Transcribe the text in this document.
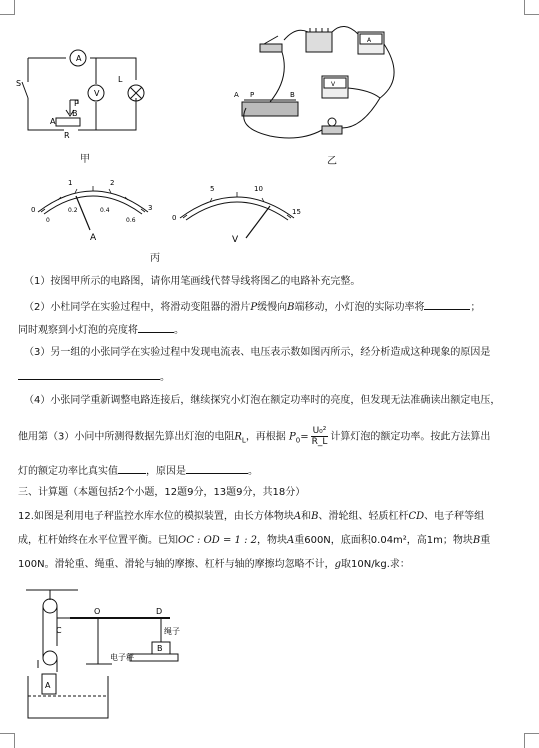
A
S
V
L
P
A
B
R
甲
A
V
A P	B
乙
0
1	2
3
0
0.2	0.4
0.6
A
0
5	10
15
V
丙
（1）按图甲所示的电路图，请你用笔画线代替导线将图乙的电路补充完整。
（2）小杜同学在实验过程中，将滑动变阻器的滑片P缓慢向B端移动，小灯泡的实际功率将	；
同时观察到小灯泡的亮度将	。
（3）另一组的小张同学在实验过程中发现电流表、电压表示数如图丙所示，经分析造成这种现象的原因是
。
（4）小张同学重新调整电路连接后，继续探究小灯泡在额定功率时的亮度，但发现无法准确读出额定电压，
他用第（3）小问中所测得数据先算出灯泡的电阻$R_L$，再根据 $P_0= \frac{\text{U₀²}}{R\_L}$ 计算灯泡的额定功率。按此方法算出
灯的额定功率比真实值	，原因是	。
三、计算题（本题包括2个小题，12题9分，13题9分，共18分）
12.如图是利用电子秤监控水库水位的模拟装置，由长方体物块A和B、滑轮组、轻质杠杆CD、电子秤等组
成，杠杆始终在水平位置平衡。已知OC : OD = 1 : 2，物块A重600N，底面积0.04m²，高1m；物块B重
100N。滑轮重、绳重、滑轮与轴的摩擦、杠杆与轴的摩擦均忽略不计，g取10N/kg.求：
O
C
D
A
B
绳子
电子秤
